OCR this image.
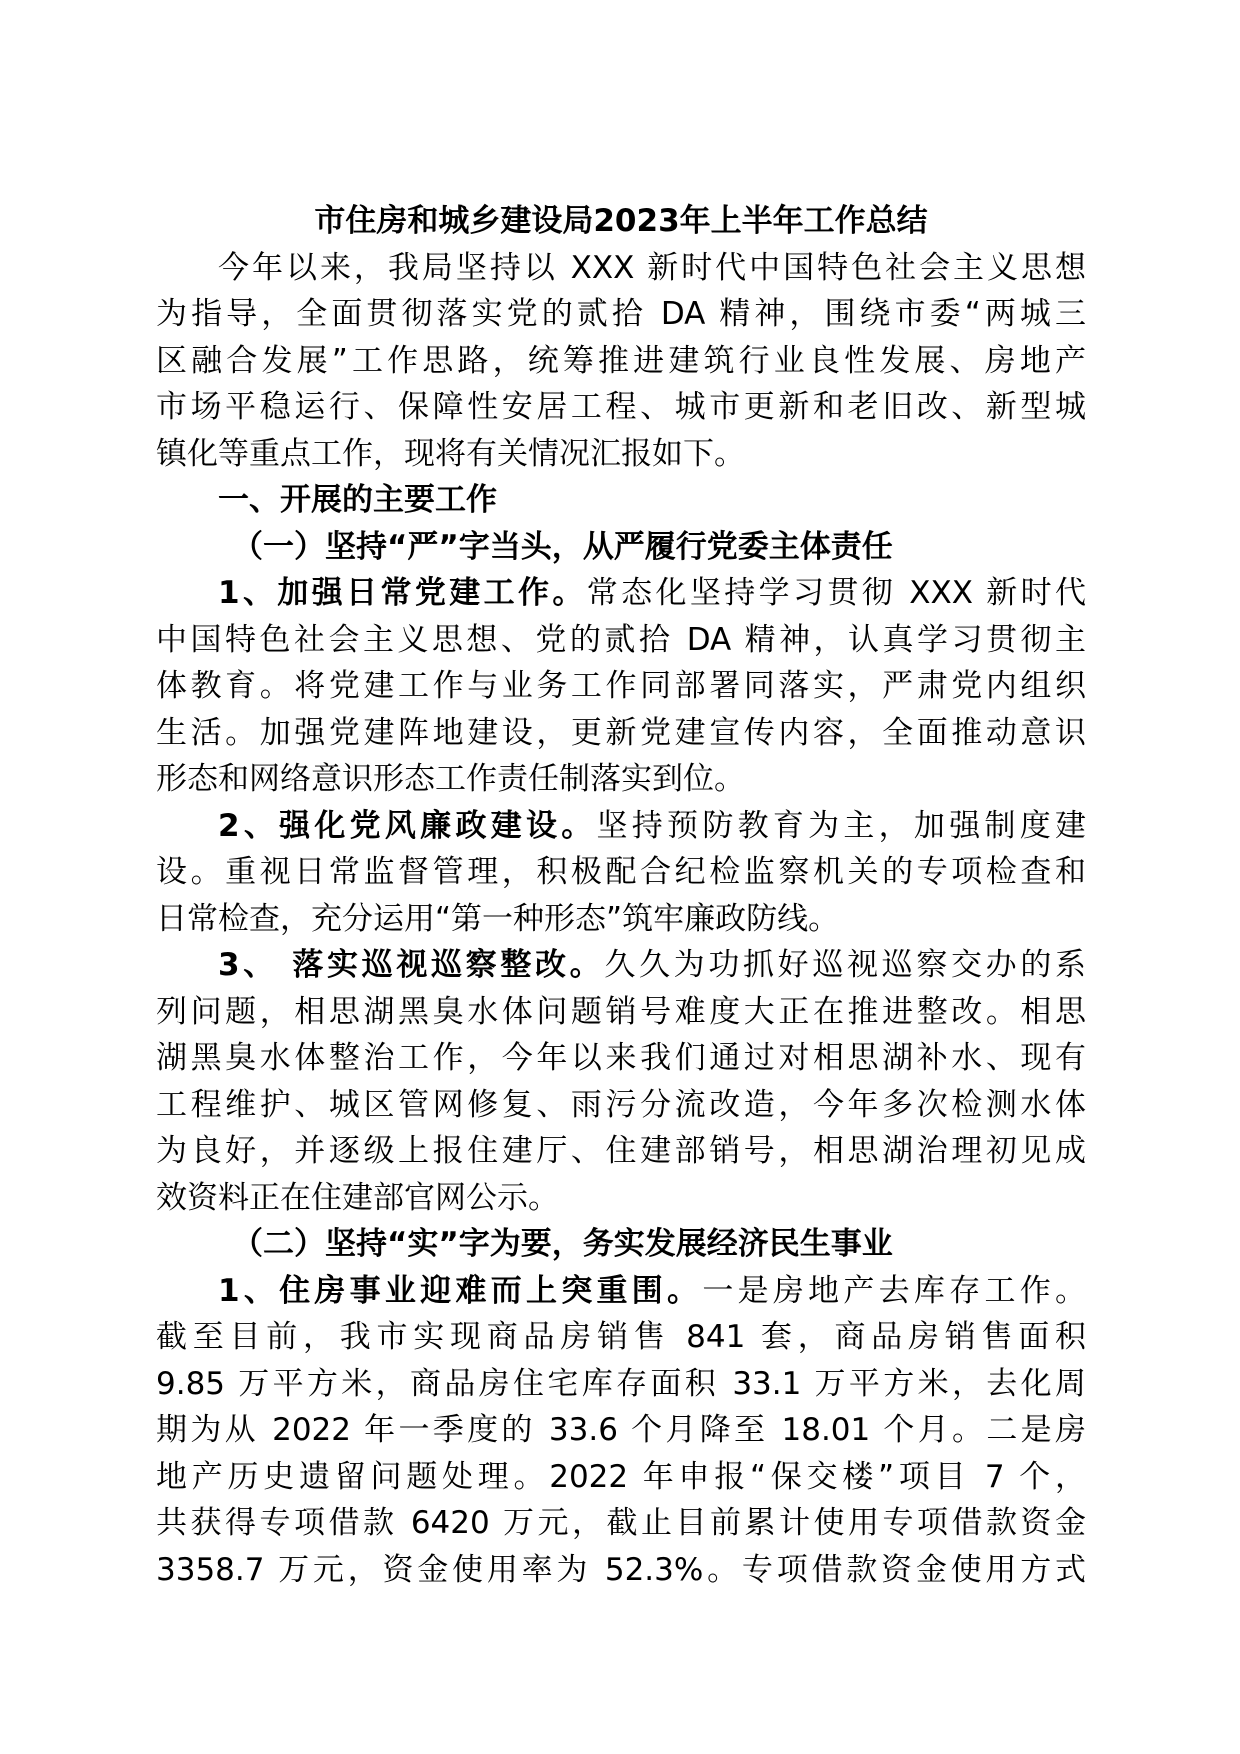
市住房和城乡建设局2023年上半年工作总结
今年以来，我局坚持以 XXX 新时代中国特色社会主义思想
为指导，全面贯彻落实党的贰拾 DA 精神，围绕市委“两城三
区融合发展”工作思路，统筹推进建筑行业良性发展、房地产
市场平稳运行、保障性安居工程、城市更新和老旧改、新型城
镇化等重点工作，现将有关情况汇报如下。
一、开展的主要工作
（一）坚持“严”字当头，从严履行党委主体责任
1、加强日常党建工作。常态化坚持学习贯彻 XXX 新时代
中国特色社会主义思想、党的贰拾 DA 精神，认真学习贯彻主
体教育。将党建工作与业务工作同部署同落实，严肃党内组织
生活。加强党建阵地建设，更新党建宣传内容，全面推动意识
形态和网络意识形态工作责任制落实到位。
2、强化党风廉政建设。坚持预防教育为主，加强制度建
设。重视日常监督管理，积极配合纪检监察机关的专项检查和
日常检查，充分运用“第一种形态”筑牢廉政防线。
3、 落实巡视巡察整改。久久为功抓好巡视巡察交办的系
列问题，相思湖黑臭水体问题销号难度大正在推进整改。相思
湖黑臭水体整治工作，今年以来我们通过对相思湖补水、现有
工程维护、城区管网修复、雨污分流改造，今年多次检测水体
为良好，并逐级上报住建厅、住建部销号，相思湖治理初见成
效资料正在住建部官网公示。
（二）坚持“实”字为要，务实发展经济民生事业
1、住房事业迎难而上突重围。一是房地产去库存工作。
截至目前，我市实现商品房销售 841 套，商品房销售面积
9.85 万平方米，商品房住宅库存面积 33.1 万平方米，去化周
期为从 2022 年一季度的 33.6 个月降至 18.01 个月。二是房
地产历史遗留问题处理。2022 年申报“保交楼”项目 7 个，
共获得专项借款 6420 万元，截止目前累计使用专项借款资金
3358.7 万元，资金使用率为 52.3%。专项借款资金使用方式
